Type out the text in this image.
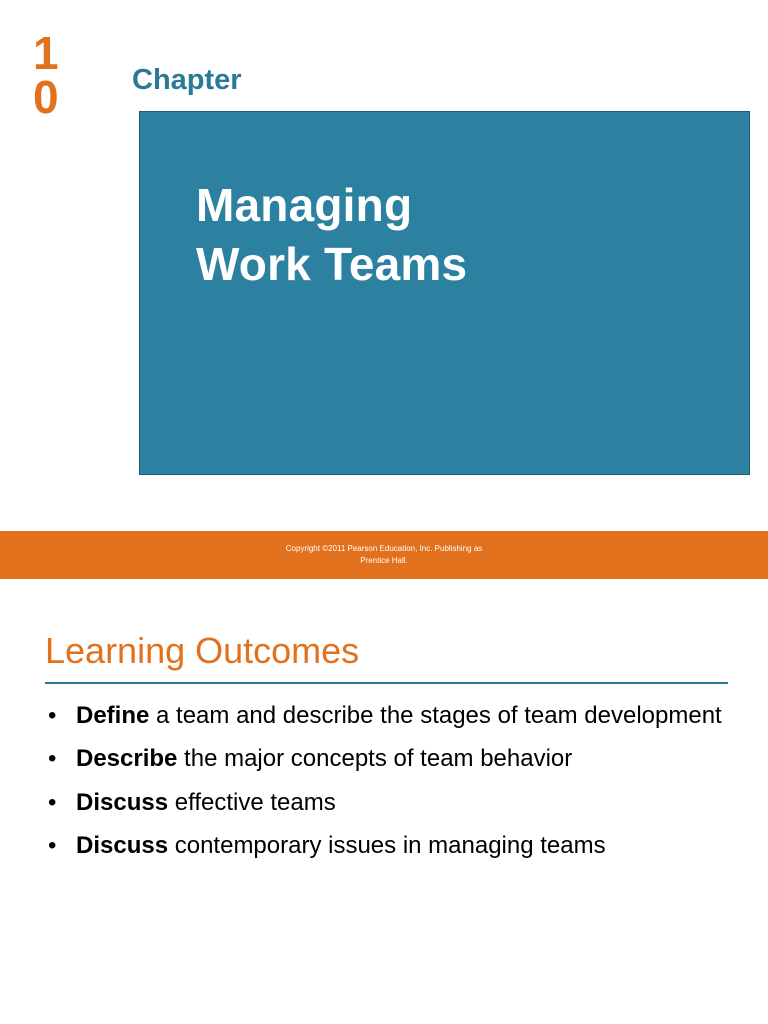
1
0	Chapter
Managing
Work Teams
Copyright ©2011 Pearson Education, Inc. Publishing as
Prentice Hall.
Learning Outcomes
• Define a team and describe the stages of team development
• Describe the major concepts of team behavior
• Discuss effective teams
• Discuss contemporary issues in managing teams
